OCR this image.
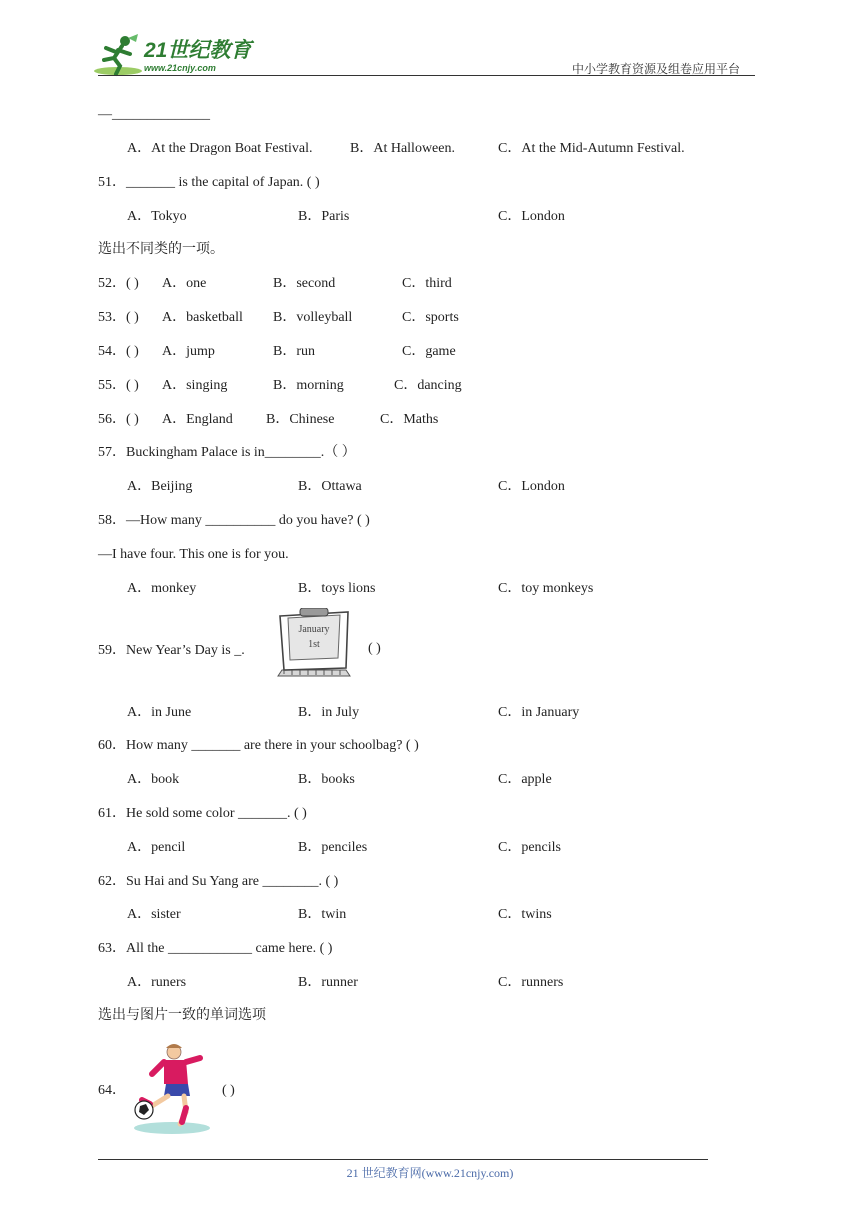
21世纪教育
www.21cnjy.com	中小学教育资源及组卷应用平台
—______________
A．At the Dragon Boat Festival.	B．At Halloween.	C．At the Mid-Autumn Festival.
51．_______ is the capital of Japan. ( )
A．Tokyo	B．Paris	C．London
选出不同类的一项。
52．( ) A．one	B．second	C．third
53．( ) A．basketball B．volleyball	C．sports
54．( ) A．jump	B．run	C．game
55．( ) A．singing	B．morning	C．dancing
56．( ) A．England B．Chinese	C．Maths
57．Buckingham Palace is in________.（ ）
A．Beijing	B．Ottawa	C．London
58．—How many __________ do you have? ( )
—I have four. This one is for you.
A．monkey	B．toys lions	C．toy monkeys
59．New Year’s Day is _.
January
1st	( )
A．in June	B．in July	C．in January
60．How many _______ are there in your schoolbag? ( )
A．book	B．books	C．apple
61．He sold some color _______. ( )
A．pencil	B．penciles	C．pencils
62．Su Hai and Su Yang are ________. ( )
A．sister	B．twin	C．twins
63．All the ____________ came here. ( )
A．runers	B．runner	C．runners
选出与图片一致的单词选项
64．	( )
21 世纪教育网(www.21cnjy.com)
